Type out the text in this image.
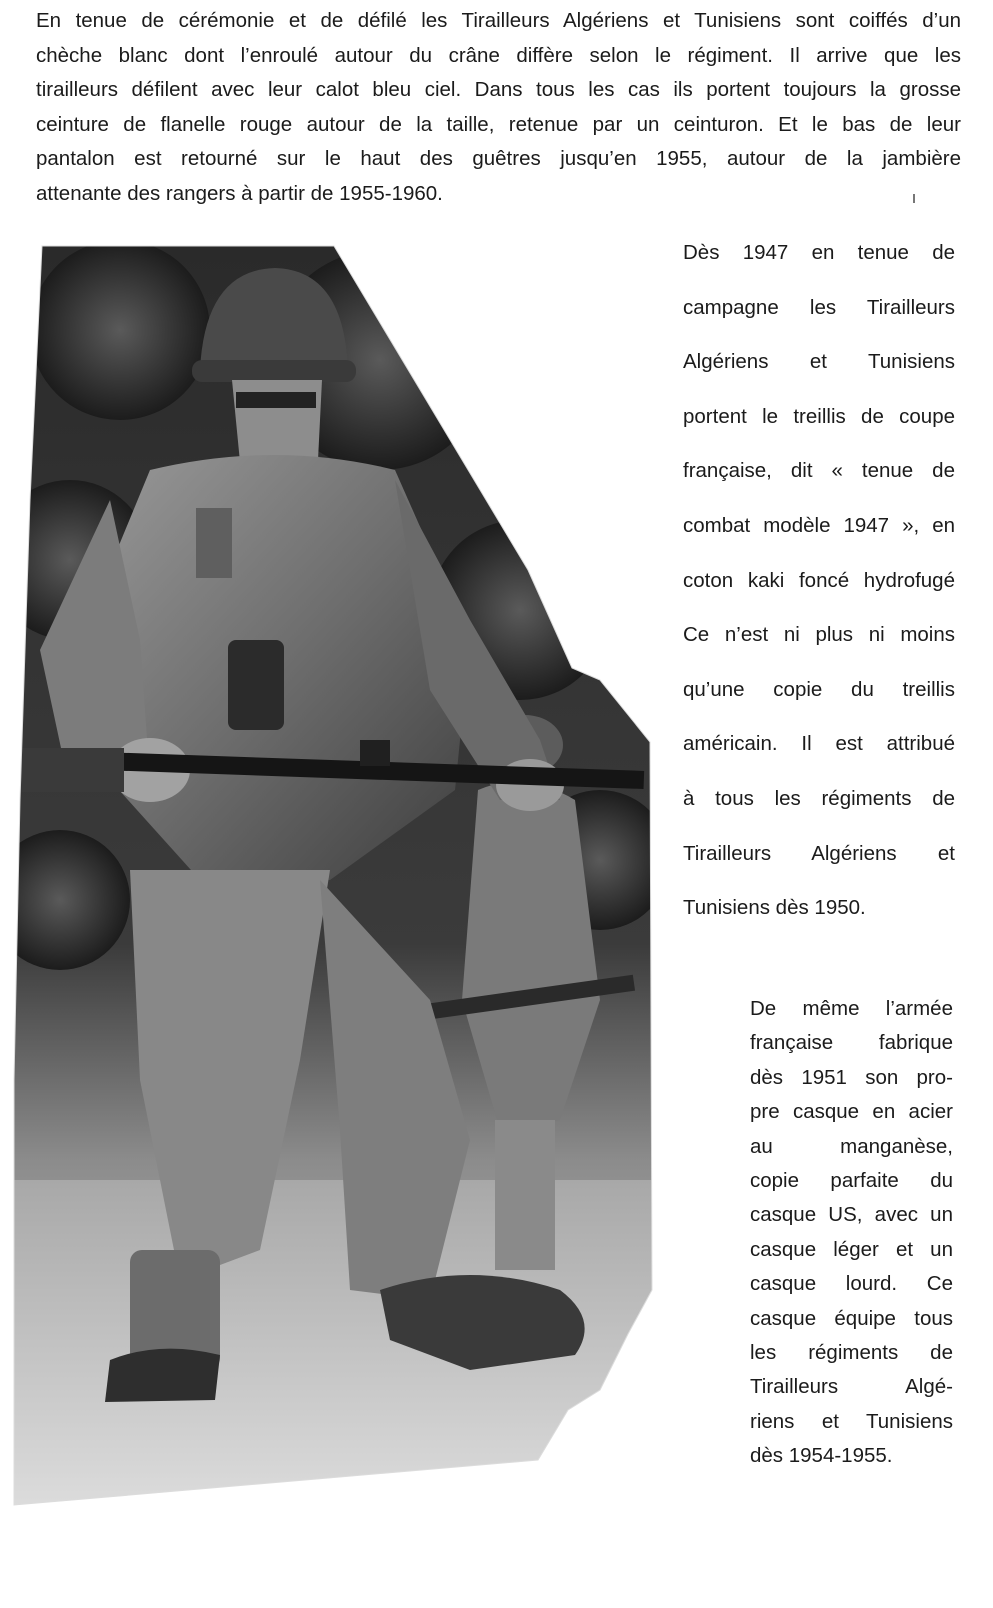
En tenue de cérémonie et de défilé les Tirailleurs Algériens et Tunisiens sont coiffés d’un
chèche blanc dont l’enroulé autour du crâne diffère selon le régiment. Il arrive que les
tirailleurs défilent avec leur calot bleu ciel. Dans tous les cas ils portent toujours la grosse
ceinture de flanelle rouge autour de la taille, retenue par un ceinturon. Et le bas de leur
pantalon est retourné sur le haut des guêtres jusqu’en 1955, autour de la jambière
attenante des rangers à partir de 1955-1960.
Dès 1947 en tenue de
campagne les Tirailleurs
Algériens et Tunisiens
portent le treillis de coupe
française, dit « tenue de
combat modèle 1947 », en
coton kaki foncé hydrofugé
Ce n’est ni plus ni moins
qu’une copie du treillis
américain. Il est attribué
à tous les régiments de
Tirailleurs Algériens et
Tunisiens dès 1950.
De même l’armée
française fabrique
dès 1951 son pro-
pre casque en acier
au manganèse,
copie parfaite du
casque US, avec un
casque léger et un
casque lourd. Ce
casque équipe tous
les régiments de
Tirailleurs Algé-
riens et Tunisiens
dès 1954-1955.
